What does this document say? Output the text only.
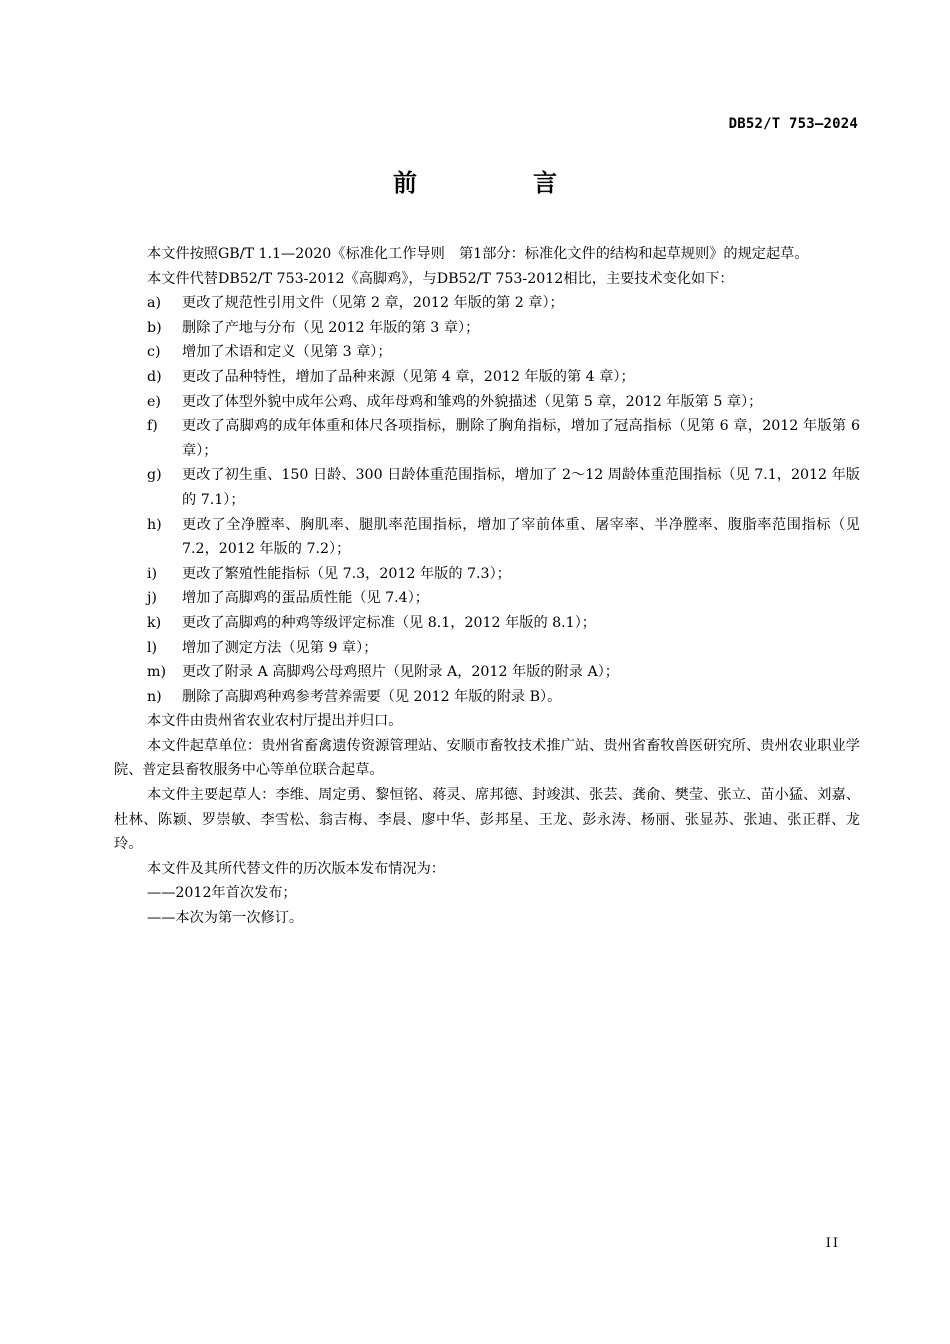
DB52/T 753—2024
前　言

本文件按照GB/T 1.1—2020《标准化工作导则　第1部分：标准化文件的结构和起草规则》的规定起草。

本文件代替DB52/T 753-2012《高脚鸡》，与DB52/T 753-2012相比，主要技术变化如下：

a) 更改了规范性引用文件（见第 2 章，2012 年版的第 2 章）；

b) 删除了产地与分布（见 2012 年版的第 3 章）；

c) 增加了术语和定义（见第 3 章）；

d) 更改了品种特性，增加了品种来源（见第 4 章，2012 年版的第 4 章）；

e) 更改了体型外貌中成年公鸡、成年母鸡和雏鸡的外貌描述（见第 5 章，2012 年版第 5 章）；

f) 更改了高脚鸡的成年体重和体尺各项指标，删除了胸角指标，增加了冠高指标（见第 6 章，2012 年版第 6 章）；

g) 更改了初生重、150 日龄、300 日龄体重范围指标，增加了 2～12 周龄体重范围指标（见 7.1，2012 年版的 7.1）；

h) 更改了全净膛率、胸肌率、腿肌率范围指标，增加了宰前体重、屠宰率、半净膛率、腹脂率范围指标（见 7.2，2012 年版的 7.2）；

i) 更改了繁殖性能指标（见 7.3，2012 年版的 7.3）；

j) 增加了高脚鸡的蛋品质性能（见 7.4）；

k) 更改了高脚鸡的种鸡等级评定标准（见 8.1，2012 年版的 8.1）；

l) 增加了测定方法（见第 9 章）；

m) 更改了附录 A 高脚鸡公母鸡照片（见附录 A，2012 年版的附录 A）；

n) 删除了高脚鸡种鸡参考营养需要（见 2012 年版的附录 B）。

本文件由贵州省农业农村厅提出并归口。

本文件起草单位：贵州省畜禽遗传资源管理站、安顺市畜牧技术推广站、贵州省畜牧兽医研究所、贵州农业职业学院、普定县畜牧服务中心等单位联合起草。

本文件主要起草人：李维、周定勇、黎恒铭、蒋灵、席邦德、封竣淇、张芸、龚俞、樊莹、张立、苗小猛、刘嘉、杜林、陈颖、罗崇敏、李雪松、翁吉梅、李晨、廖中华、彭邦星、王龙、彭永涛、杨丽、张显苏、张迪、张正群、龙玲。

本文件及其所代替文件的历次版本发布情况为：

——2012年首次发布；

——本次为第一次修订。

II
